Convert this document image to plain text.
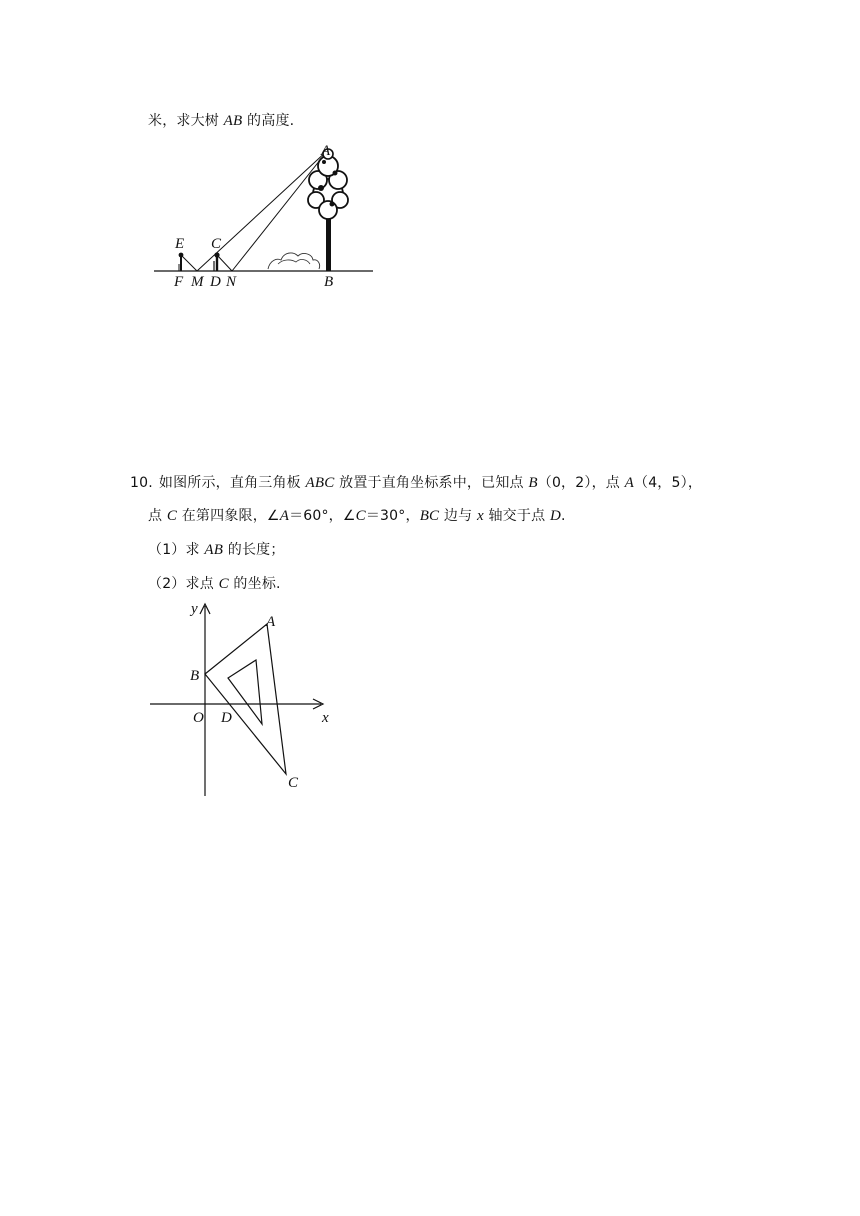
米，求大树 AB 的高度.
A
E C
F M D N	B
10. 如图所示，直角三角板 ABC 放置于直角坐标系中，已知点 B（0，2），点 A（4，5），
点 C 在第四象限，∠A＝60°，∠C＝30°，BC 边与 x 轴交于点 D.
（1）求 AB 的长度；
（2）求点 C 的坐标.
y
A
B
O D	x
C
